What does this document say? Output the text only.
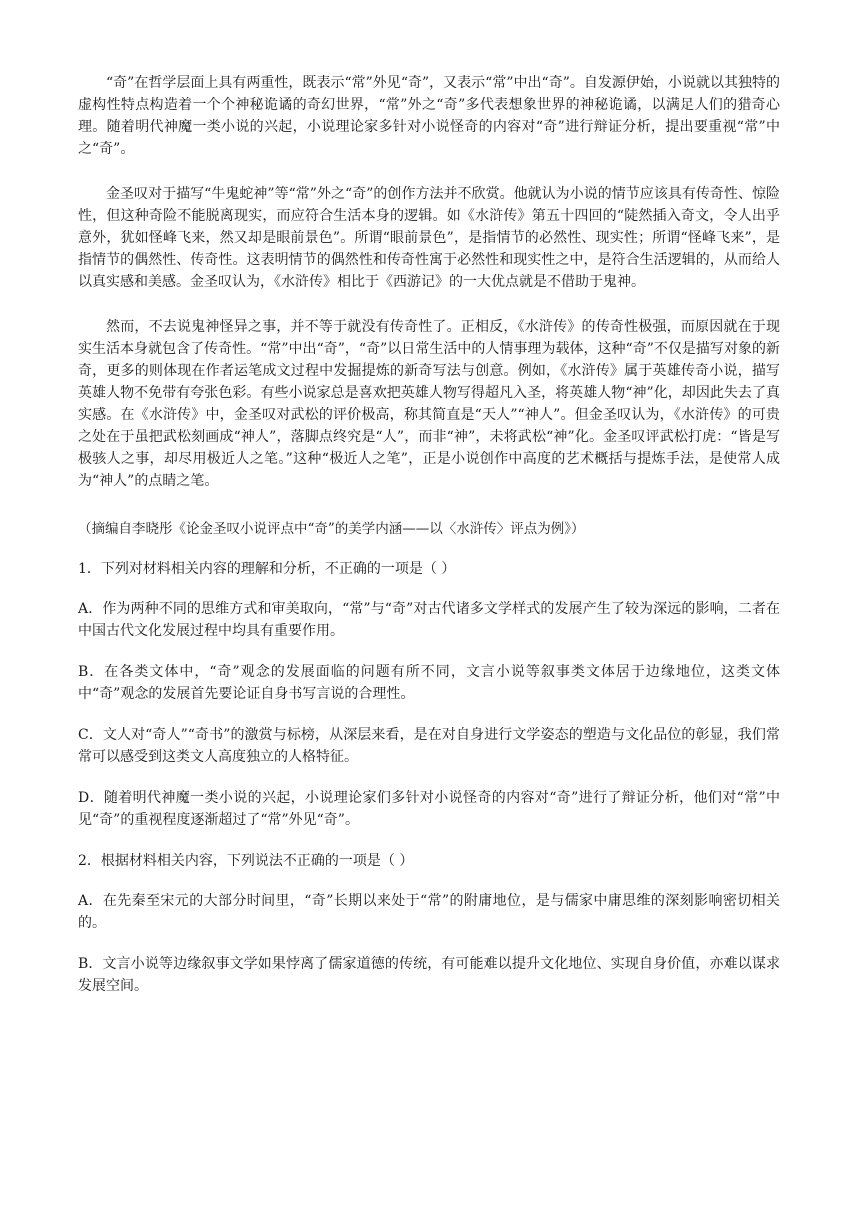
“奇”在哲学层面上具有两重性，既表示“常”外见“奇”，又表示“常”中出“奇”。自发源伊始，小说就以其独特的虚构性特点构造着一个个神秘诡谲的奇幻世界，“常”外之“奇”多代表想象世界的神秘诡谲，以满足人们的猎奇心理。随着明代神魔一类小说的兴起，小说理论家多针对小说怪奇的内容对“奇”进行辩证分析，提出要重视“常”中之“奇”。

金圣叹对于描写“牛鬼蛇神”等“常”外之“奇”的创作方法并不欣赏。他就认为小说的情节应该具有传奇性、惊险性，但这种奇险不能脱离现实，而应符合生活本身的逻辑。如《水浒传》第五十四回的“陡然插入奇文，令人出乎意外，犹如怪峰飞来，然又却是眼前景色”。所谓“眼前景色”，是指情节的必然性、现实性；所谓“怪峰飞来”，是指情节的偶然性、传奇性。这表明情节的偶然性和传奇性寓于必然性和现实性之中，是符合生活逻辑的，从而给人以真实感和美感。金圣叹认为，《水浒传》相比于《西游记》的一大优点就是不借助于鬼神。

然而，不去说鬼神怪异之事，并不等于就没有传奇性了。正相反，《水浒传》的传奇性极强，而原因就在于现实生活本身就包含了传奇性。“常”中出“奇”，“奇”以日常生活中的人情事理为载体，这种“奇”不仅是描写对象的新奇，更多的则体现在作者运笔成文过程中发掘提炼的新奇写法与创意。例如，《水浒传》属于英雄传奇小说，描写英雄人物不免带有夸张色彩。有些小说家总是喜欢把英雄人物写得超凡入圣，将英雄人物“神”化，却因此失去了真实感。在《水浒传》中，金圣叹对武松的评价极高，称其简直是“天人”“神人”。但金圣叹认为，《水浒传》的可贵之处在于虽把武松刻画成“神人”，落脚点终究是“人”，而非“神”，未将武松“神”化。金圣叹评武松打虎：“皆是写极骇人之事，却尽用极近人之笔。”这种“极近人之笔”，正是小说创作中高度的艺术概括与提炼手法，是使常人成为“神人”的点睛之笔。

（摘编自李晓彤《论金圣叹小说评点中“奇”的美学内涵——以〈水浒传〉评点为例》）

1．下列对材料相关内容的理解和分析，不正确的一项是（ ）

A．作为两种不同的思维方式和审美取向，“常”与“奇”对古代诸多文学样式的发展产生了较为深远的影响，二者在中国古代文化发展过程中均具有重要作用。

B．在各类文体中，“奇”观念的发展面临的问题有所不同，文言小说等叙事类文体居于边缘地位，这类文体中“奇”观念的发展首先要论证自身书写言说的合理性。

C．文人对“奇人”“奇书”的激赏与标榜，从深层来看，是在对自身进行文学姿态的塑造与文化品位的彰显，我们常常可以感受到这类文人高度独立的人格特征。

D．随着明代神魔一类小说的兴起，小说理论家们多针对小说怪奇的内容对“奇”进行了辩证分析，他们对“常”中见“奇”的重视程度逐渐超过了“常”外见“奇”。

2．根据材料相关内容，下列说法不正确的一项是（ ）

A．在先秦至宋元的大部分时间里，“奇”长期以来处于“常”的附庸地位，是与儒家中庸思维的深刻影响密切相关的。

B．文言小说等边缘叙事文学如果悖离了儒家道德的传统，有可能难以提升文化地位、实现自身价值，亦难以谋求发展空间。
